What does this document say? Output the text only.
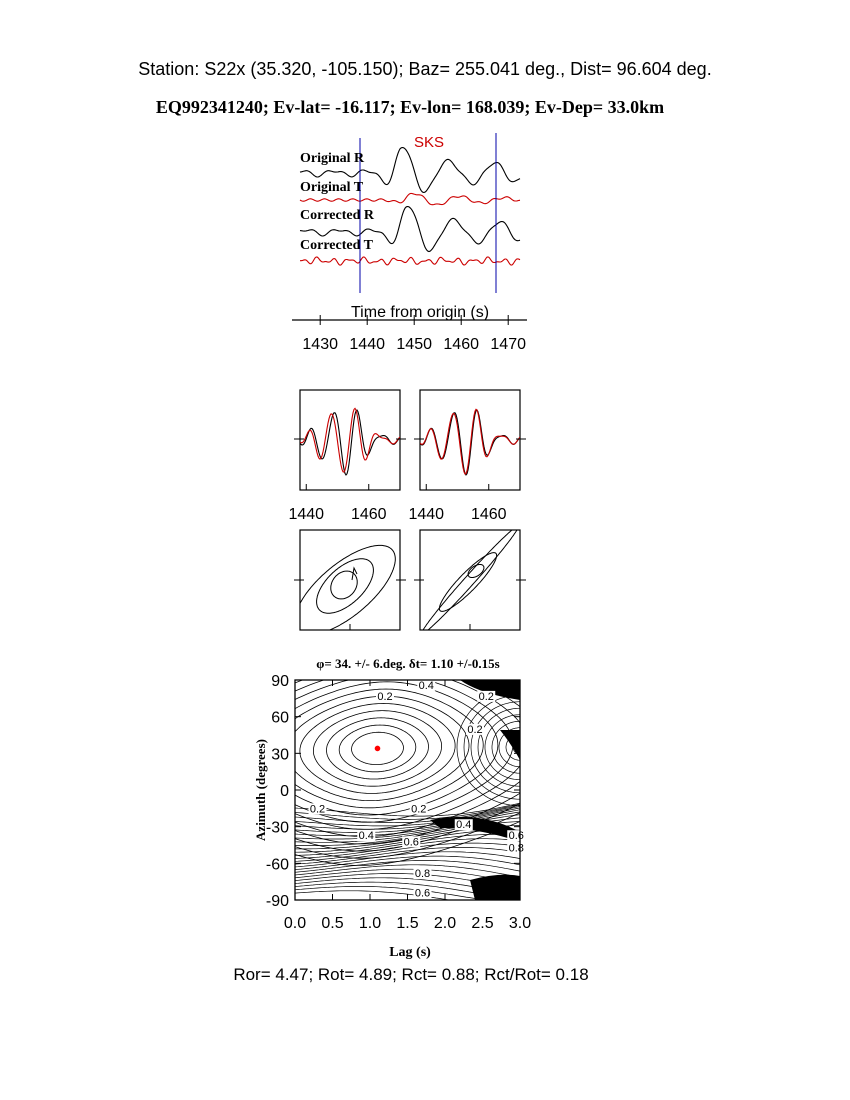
Station: S22x (35.320, -105.150); Baz= 255.041 deg., Dist= 96.604 deg.
EQ992341240; Ev-lat= -16.117; Ev-lon= 168.039; Ev-Dep= 33.0km
SKS
Original R
Original T
Corrected R
Corrected T
Time from origin (s)
1430 1440 1450 1460 1470
1440 1460 1440 1460
φ= 34. +/- 6.deg. δt= 1.10 +/-0.15s
0.4
0.2	0.2
0.2
0.2	0.2
0.4
0.4
0.6
0.6
0.8
0.8
0.6
0.0 0.5 1.0 1.5 2.0 2.5 3.0
-90
-60
-30
0
30
60
90
Lag (s)
Azimuth (degrees)
Ror= 4.47; Rot= 4.89; Rct= 0.88; Rct/Rot= 0.18
